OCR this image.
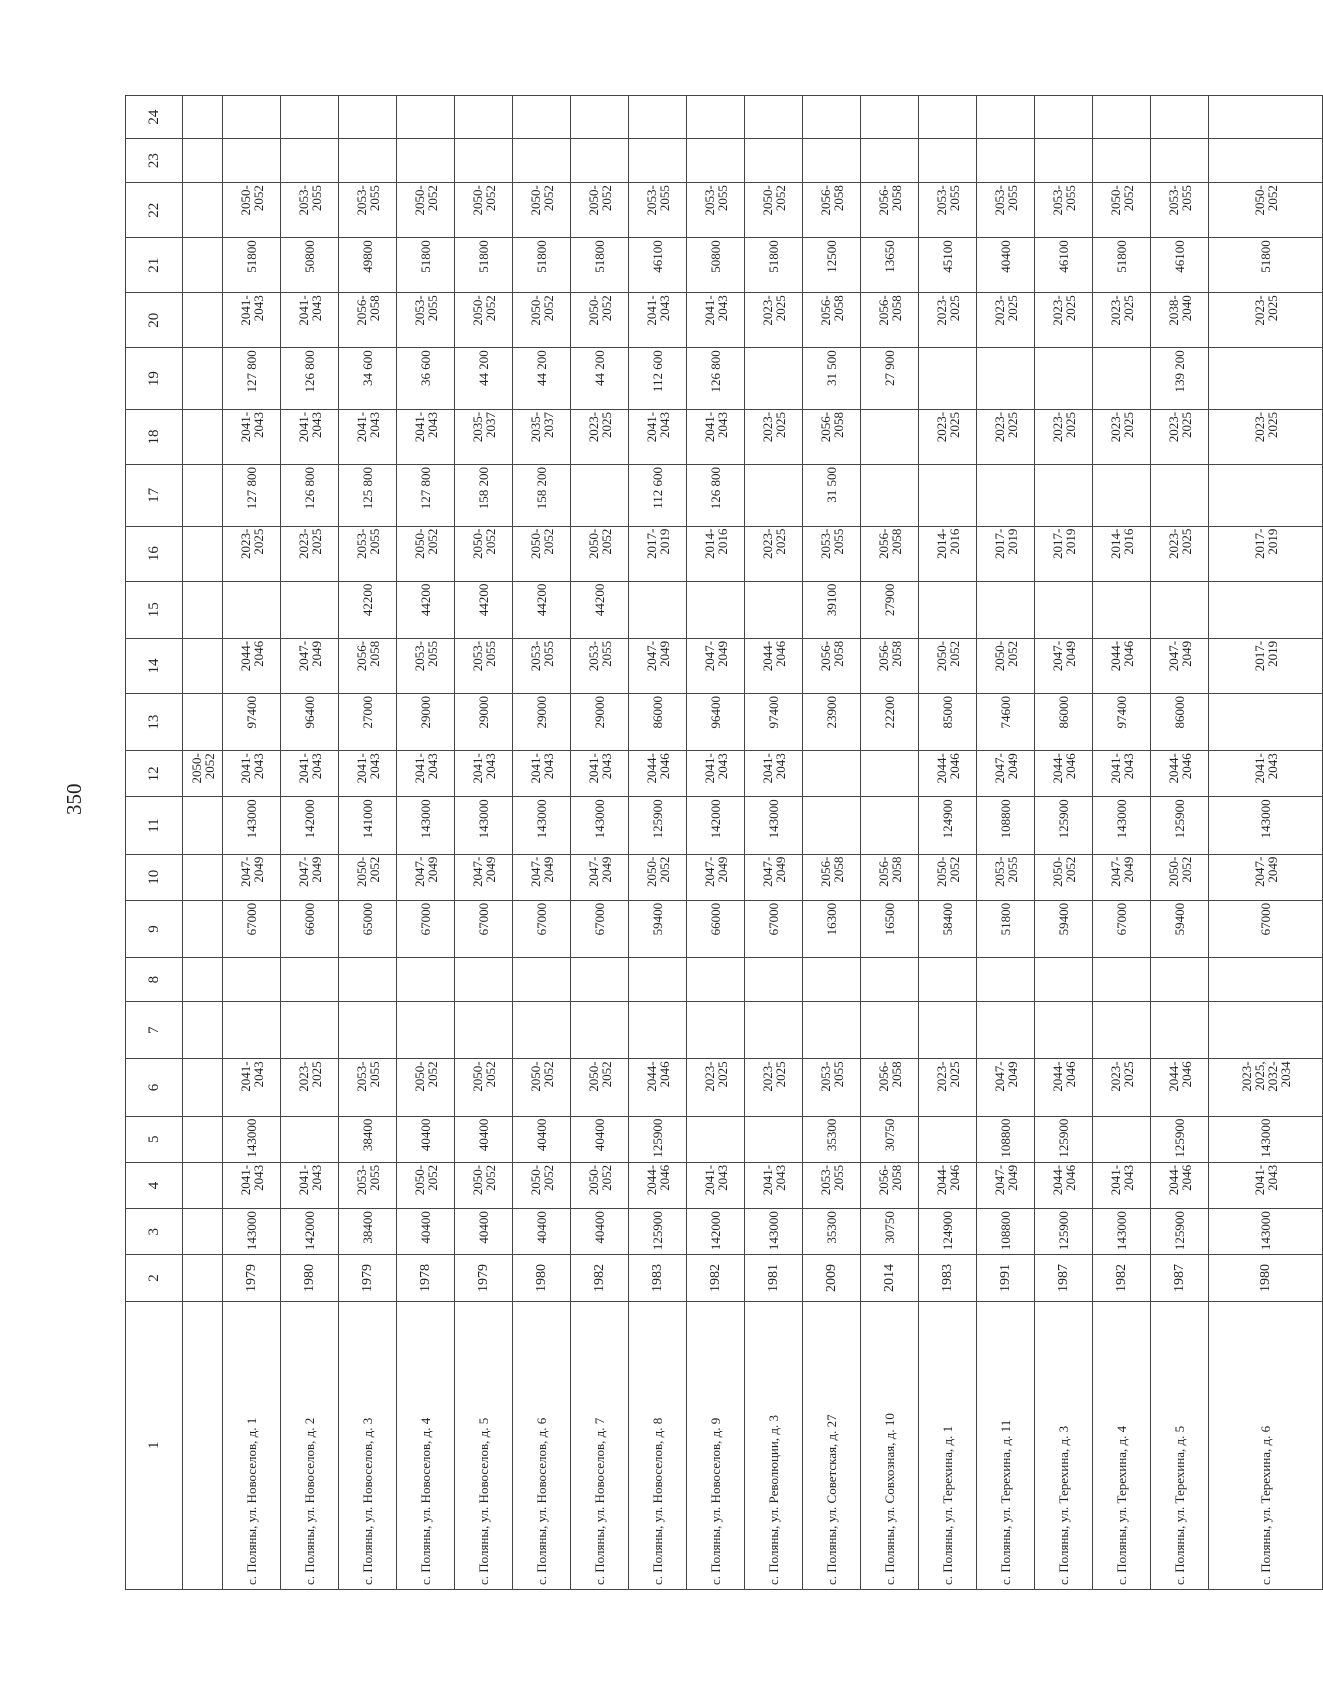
350
1	2	3	4	5	6	7	8	9	10	11	12	13	14	15	16	17	18	19	20	21	22	23	24
											2050-
2052												
с. Поляны, ул. Новоселов, д. 1	1979	143000	2041-
2043	143000	2041-
2043			67000	2047-
2049	143000	2041-
2043	97400	2044-
2046		2023-
2025	127 800	2041-
2043	127 800	2041-
2043	51800	2050-
2052		
с. Поляны, ул. Новоселов, д. 2	1980	142000	2041-
2043		2023-
2025			66000	2047-
2049	142000	2041-
2043	96400	2047-
2049		2023-
2025	126 800	2041-
2043	126 800	2041-
2043	50800	2053-
2055		
с. Поляны, ул. Новоселов, д. 3	1979	38400	2053-
2055	38400	2053-
2055			65000	2050-
2052	141000	2041-
2043	27000	2056-
2058	42200	2053-
2055	125 800	2041-
2043	34 600	2056-
2058	49800	2053-
2055		
с. Поляны, ул. Новоселов, д. 4	1978	40400	2050-
2052	40400	2050-
2052			67000	2047-
2049	143000	2041-
2043	29000	2053-
2055	44200	2050-
2052	127 800	2041-
2043	36 600	2053-
2055	51800	2050-
2052		
с. Поляны, ул. Новоселов, д. 5	1979	40400	2050-
2052	40400	2050-
2052			67000	2047-
2049	143000	2041-
2043	29000	2053-
2055	44200	2050-
2052	158 200	2035-
2037	44 200	2050-
2052	51800	2050-
2052		
с. Поляны, ул. Новоселов, д. 6	1980	40400	2050-
2052	40400	2050-
2052			67000	2047-
2049	143000	2041-
2043	29000	2053-
2055	44200	2050-
2052	158 200	2035-
2037	44 200	2050-
2052	51800	2050-
2052		
с. Поляны, ул. Новоселов, д. 7	1982	40400	2050-
2052	40400	2050-
2052			67000	2047-
2049	143000	2041-
2043	29000	2053-
2055	44200	2050-
2052		2023-
2025	44 200	2050-
2052	51800	2050-
2052		
с. Поляны, ул. Новоселов, д. 8	1983	125900	2044-
2046	125900	2044-
2046			59400	2050-
2052	125900	2044-
2046	86000	2047-
2049		2017-
2019	112 600	2041-
2043	112 600	2041-
2043	46100	2053-
2055		
с. Поляны, ул. Новоселов, д. 9	1982	142000	2041-
2043		2023-
2025			66000	2047-
2049	142000	2041-
2043	96400	2047-
2049		2014-
2016	126 800	2041-
2043	126 800	2041-
2043	50800	2053-
2055		
с. Поляны, ул. Революции, д. 3	1981	143000	2041-
2043		2023-
2025			67000	2047-
2049	143000	2041-
2043	97400	2044-
2046		2023-
2025		2023-
2025		2023-
2025	51800	2050-
2052		
с. Поляны, ул. Советская, д. 27	2009	35300	2053-
2055	35300	2053-
2055			16300	2056-
2058			23900	2056-
2058	39100	2053-
2055	31 500	2056-
2058	31 500	2056-
2058	12500	2056-
2058		
с. Поляны, ул. Совхозная, д. 10	2014	30750	2056-
2058	30750	2056-
2058			16500	2056-
2058			22200	2056-
2058	27900	2056-
2058			27 900	2056-
2058	13650	2056-
2058		
с. Поляны, ул. Терехина, д. 1	1983	124900	2044-
2046		2023-
2025			58400	2050-
2052	124900	2044-
2046	85000	2050-
2052		2014-
2016		2023-
2025		2023-
2025	45100	2053-
2055		
с. Поляны, ул. Терехина, д. 11	1991	108800	2047-
2049	108800	2047-
2049			51800	2053-
2055	108800	2047-
2049	74600	2050-
2052		2017-
2019		2023-
2025		2023-
2025	40400	2053-
2055		
с. Поляны, ул. Терехина, д. 3	1987	125900	2044-
2046	125900	2044-
2046			59400	2050-
2052	125900	2044-
2046	86000	2047-
2049		2017-
2019		2023-
2025		2023-
2025	46100	2053-
2055		
с. Поляны, ул. Терехина, д. 4	1982	143000	2041-
2043		2023-
2025			67000	2047-
2049	143000	2041-
2043	97400	2044-
2046		2014-
2016		2023-
2025		2023-
2025	51800	2050-
2052		
с. Поляны, ул. Терехина, д. 5	1987	125900	2044-
2046	125900	2044-
2046			59400	2050-
2052	125900	2044-
2046	86000	2047-
2049		2023-
2025		2023-
2025	139 200	2038-
2040	46100	2053-
2055		
с. Поляны, ул. Терехина, д. 6	1980	143000	2041-
2043	143000	2023-
2025,
2032-
2034			67000	2047-
2049	143000	2041-
2043		2017-
2019		2017-
2019		2023-
2025		2023-
2025	51800	2050-
2052		
